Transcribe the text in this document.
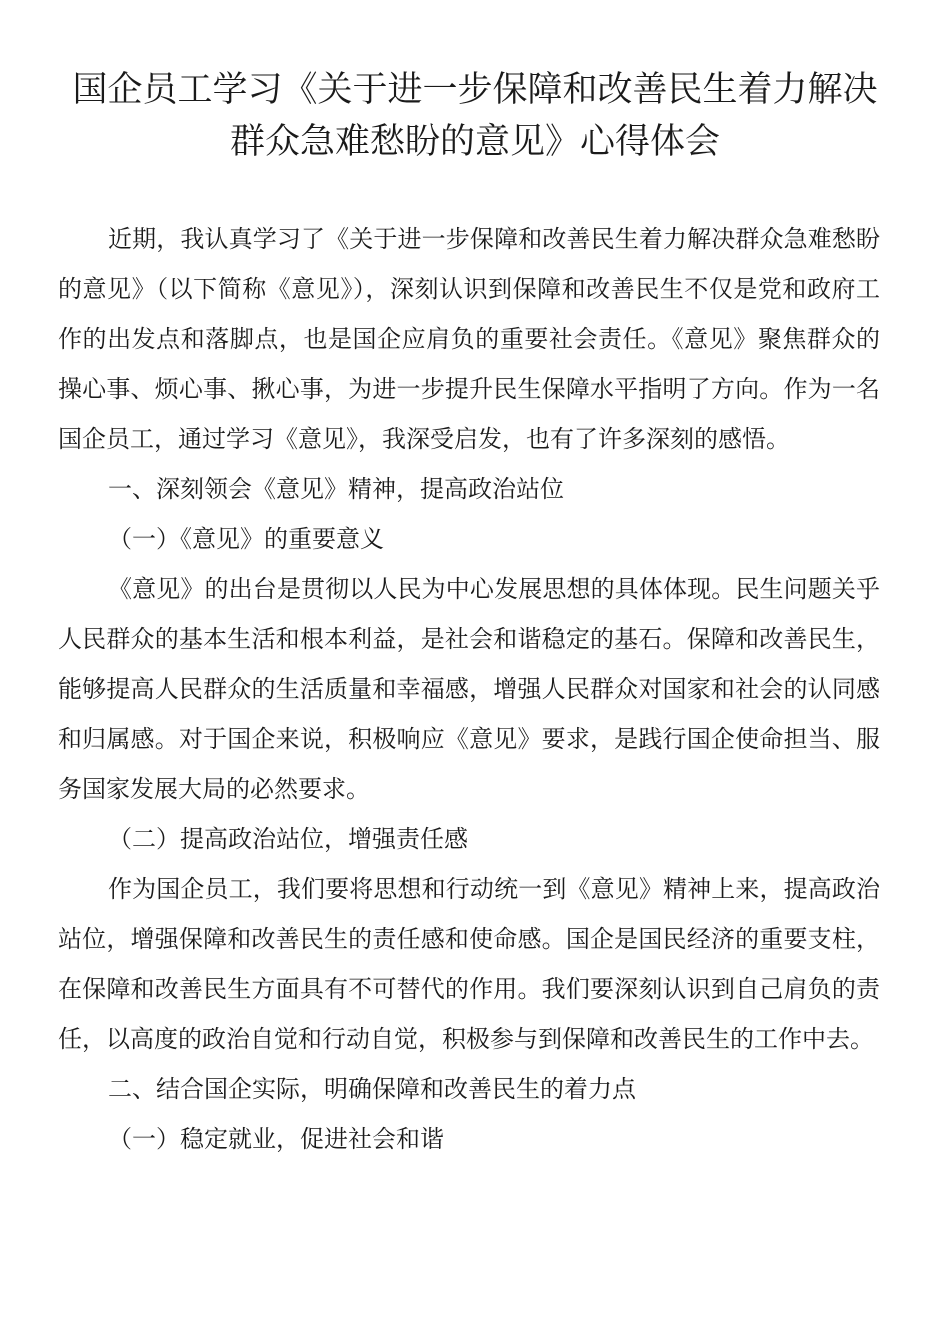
国企员工学习《关于进一步保障和改善民生着力解决
群众急难愁盼的意见》心得体会

近期，我认真学习了《关于进一步保障和改善民生着力解决群众急难愁盼的意见》（以下简称《意见》），深刻认识到保障和改善民生不仅是党和政府工作的出发点和落脚点，也是国企应肩负的重要社会责任。《意见》聚焦群众的操心事、烦心事、揪心事，为进一步提升民生保障水平指明了方向。作为一名国企员工，通过学习《意见》，我深受启发，也有了许多深刻的感悟。

一、深刻领会《意见》精神，提高政治站位

（一）《意见》的重要意义

《意见》的出台是贯彻以人民为中心发展思想的具体体现。民生问题关乎人民群众的基本生活和根本利益，是社会和谐稳定的基石。保障和改善民生，能够提高人民群众的生活质量和幸福感，增强人民群众对国家和社会的认同感和归属感。对于国企来说，积极响应《意见》要求，是践行国企使命担当、服务国家发展大局的必然要求。

（二）提高政治站位，增强责任感

作为国企员工，我们要将思想和行动统一到《意见》精神上来，提高政治站位，增强保障和改善民生的责任感和使命感。国企是国民经济的重要支柱，在保障和改善民生方面具有不可替代的作用。我们要深刻认识到自己肩负的责任，以高度的政治自觉和行动自觉，积极参与到保障和改善民生的工作中去。

二、结合国企实际，明确保障和改善民生的着力点

（一）稳定就业，促进社会和谐
